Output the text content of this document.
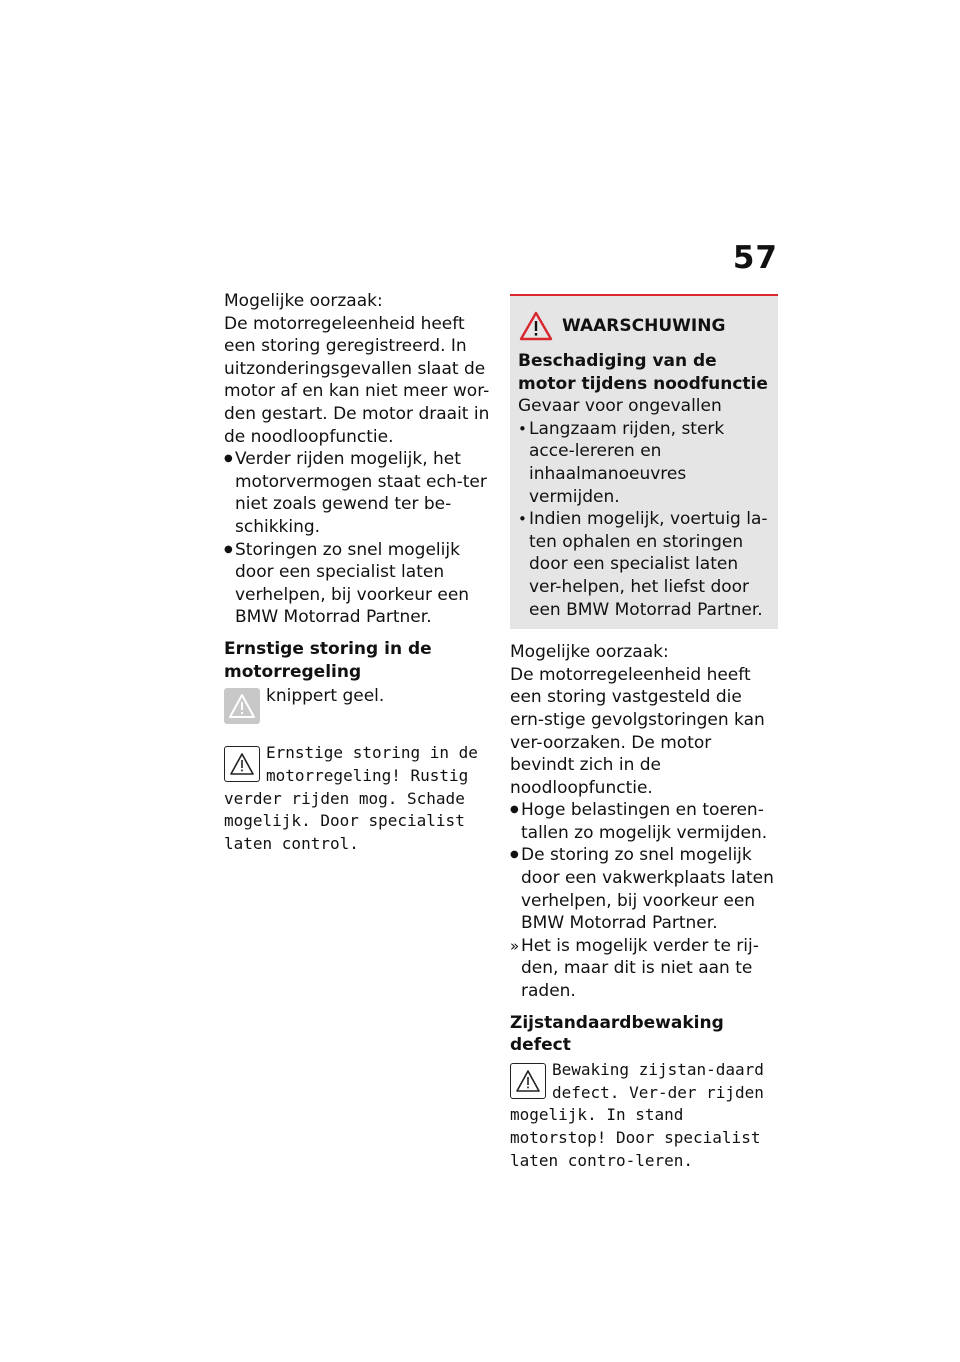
57

Mogelijke oorzaak:

De motorregeleenheid heeft een storing geregistreerd. In uitzonderingsgevallen slaat de motor af en kan niet meer wor-den gestart. De motor draait in de noodloopfunctie.

● Verder rijden mogelijk, het motorvermogen staat ech-ter niet zoals gewend ter be-schikking.

● Storingen zo snel mogelijk door een specialist laten verhelpen, bij voorkeur een BMW Motorrad Partner.

Ernstige storing in de motorregeling
knippert geel.
Ernstige storing in de motorregeling! Rustig verder rijden mog. Schade mogelijk. Door specialist laten control.
WAARSCHUWING

Beschadiging van de motor tijdens noodfunctie

Gevaar voor ongevallen

• Langzaam rijden, sterk acce-lereren en inhaalmanoeuvres vermijden.

• Indien mogelijk, voertuig la-ten ophalen en storingen door een specialist laten ver-helpen, het liefst door een BMW Motorrad Partner.

Mogelijke oorzaak:

De motorregeleenheid heeft een storing vastgesteld die ern-stige gevolgstoringen kan ver-oorzaken. De motor bevindt zich in de noodloopfunctie.

● Hoge belastingen en toeren-tallen zo mogelijk vermijden.

● De storing zo snel mogelijk door een vakwerkplaats laten verhelpen, bij voorkeur een BMW Motorrad Partner.

» Het is mogelijk verder te rij-den, maar dit is niet aan te raden.

Zijstandaardbewaking defect
Bewaking zijstan-daard defect. Ver-der rijden mogelijk. In stand motorstop! Door specialist laten contro-leren.
